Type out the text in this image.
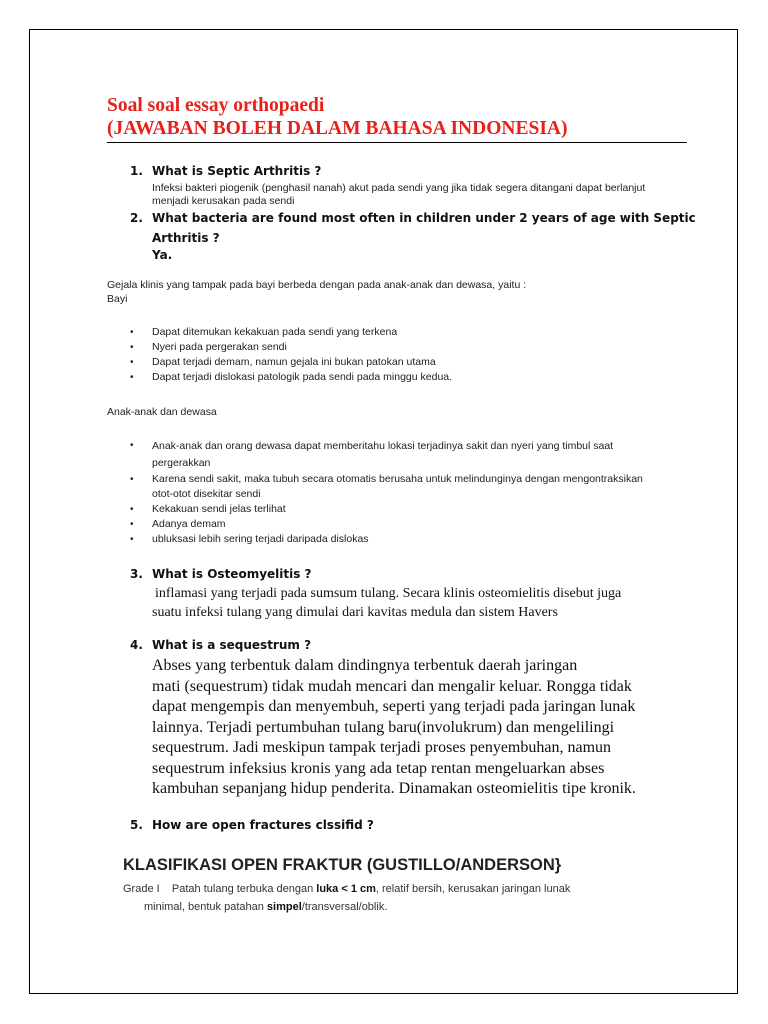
Soal soal essay orthopaedi
(JAWABAN BOLEH DALAM BAHASA INDONESIA)
1. What is Septic Arthritis ?
Infeksi bakteri piogenik (penghasil nanah) akut pada sendi yang jika tidak segera ditangani dapat berlanjut
menjadi kerusakan pada sendi
2. What bacteria are found most often in children under 2 years of age with Septic
Arthritis ?
Ya.
Gejala klinis yang tampak pada bayi berbeda dengan pada anak-anak dan dewasa, yaitu :
Bayi
• Dapat ditemukan kekakuan pada sendi yang terkena
• Nyeri pada pergerakan sendi
• Dapat terjadi demam, namun gejala ini bukan patokan utama
• Dapat terjadi dislokasi patologik pada sendi pada minggu kedua.
Anak-anak dan dewasa
• Anak-anak dan orang dewasa dapat memberitahu lokasi terjadinya sakit dan nyeri yang timbul saat
pergerakkan
• Karena sendi sakit, maka tubuh secara otomatis berusaha untuk melindunginya dengan mengontraksikan
otot-otot disekitar sendi
• Kekakuan sendi jelas terlihat
• Adanya demam
• ubluksasi lebih sering terjadi daripada dislokas
3. What is Osteomyelitis ?
inflamasi yang terjadi pada sumsum tulang. Secara klinis osteomielitis disebut juga
suatu infeksi tulang yang dimulai dari kavitas medula dan sistem Havers
4. What is a sequestrum ?
Abses yang terbentuk dalam dindingnya terbentuk daerah jaringan
mati (sequestrum) tidak mudah mencari dan mengalir keluar. Rongga tidak
dapat mengempis dan menyembuh, seperti yang terjadi pada jaringan lunak
lainnya. Terjadi pertumbuhan tulang baru(involukrum) dan mengelilingi
sequestrum. Jadi meskipun tampak terjadi proses penyembuhan, namun
sequestrum infeksius kronis yang ada tetap rentan mengeluarkan abses
kambuhan sepanjang hidup penderita. Dinamakan osteomielitis tipe kronik.
5. How are open fractures clssifid ?
KLASIFIKASI OPEN FRAKTUR (GUSTILLO/ANDERSON}
Grade I Patah tulang terbuka dengan luka < 1 cm, relatif bersih, kerusakan jaringan lunak
minimal, bentuk patahan simpel/transversal/oblik.
